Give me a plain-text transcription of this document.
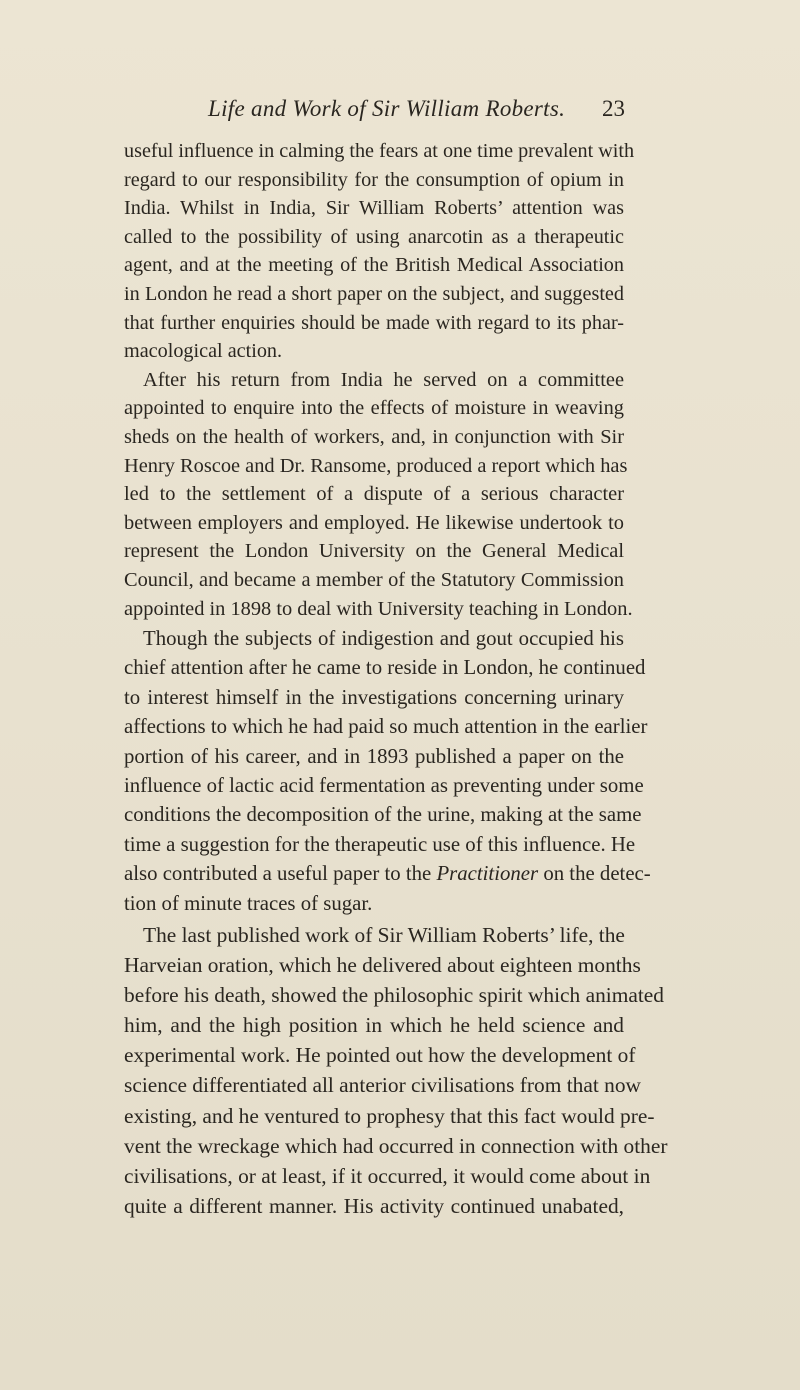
Life and Work of Sir William Roberts. 23
useful influence in calming the fears at one time prevalent with
regard to our responsibility for the consumption of opium in
India. Whilst in India, Sir William Roberts’ attention was
called to the possibility of using anarcotin as a therapeutic
agent, and at the meeting of the British Medical Association
in London he read a short paper on the subject, and suggested
that further enquiries should be made with regard to its phar-
macological action.
After his return from India he served on a committee
appointed to enquire into the effects of moisture in weaving
sheds on the health of workers, and, in conjunction with Sir
Henry Roscoe and Dr. Ransome, produced a report which has
led to the settlement of a dispute of a serious character
between employers and employed. He likewise undertook to
represent the London University on the General Medical
Council, and became a member of the Statutory Commission
appointed in 1898 to deal with University teaching in London.
Though the subjects of indigestion and gout occupied his
chief attention after he came to reside in London, he continued
to interest himself in the investigations concerning urinary
affections to which he had paid so much attention in the earlier
portion of his career, and in 1893 published a paper on the
influence of lactic acid fermentation as preventing under some
conditions the decomposition of the urine, making at the same
time a suggestion for the therapeutic use of this influence. He
also contributed a useful paper to the Practitioner on the detec-
tion of minute traces of sugar.
The last published work of Sir William Roberts’ life, the
Harveian oration, which he delivered about eighteen months
before his death, showed the philosophic spirit which animated
him, and the high position in which he held science and
experimental work. He pointed out how the development of
science differentiated all anterior civilisations from that now
existing, and he ventured to prophesy that this fact would pre-
vent the wreckage which had occurred in connection with other
civilisations, or at least, if it occurred, it would come about in
quite a different manner. His activity continued unabated,
